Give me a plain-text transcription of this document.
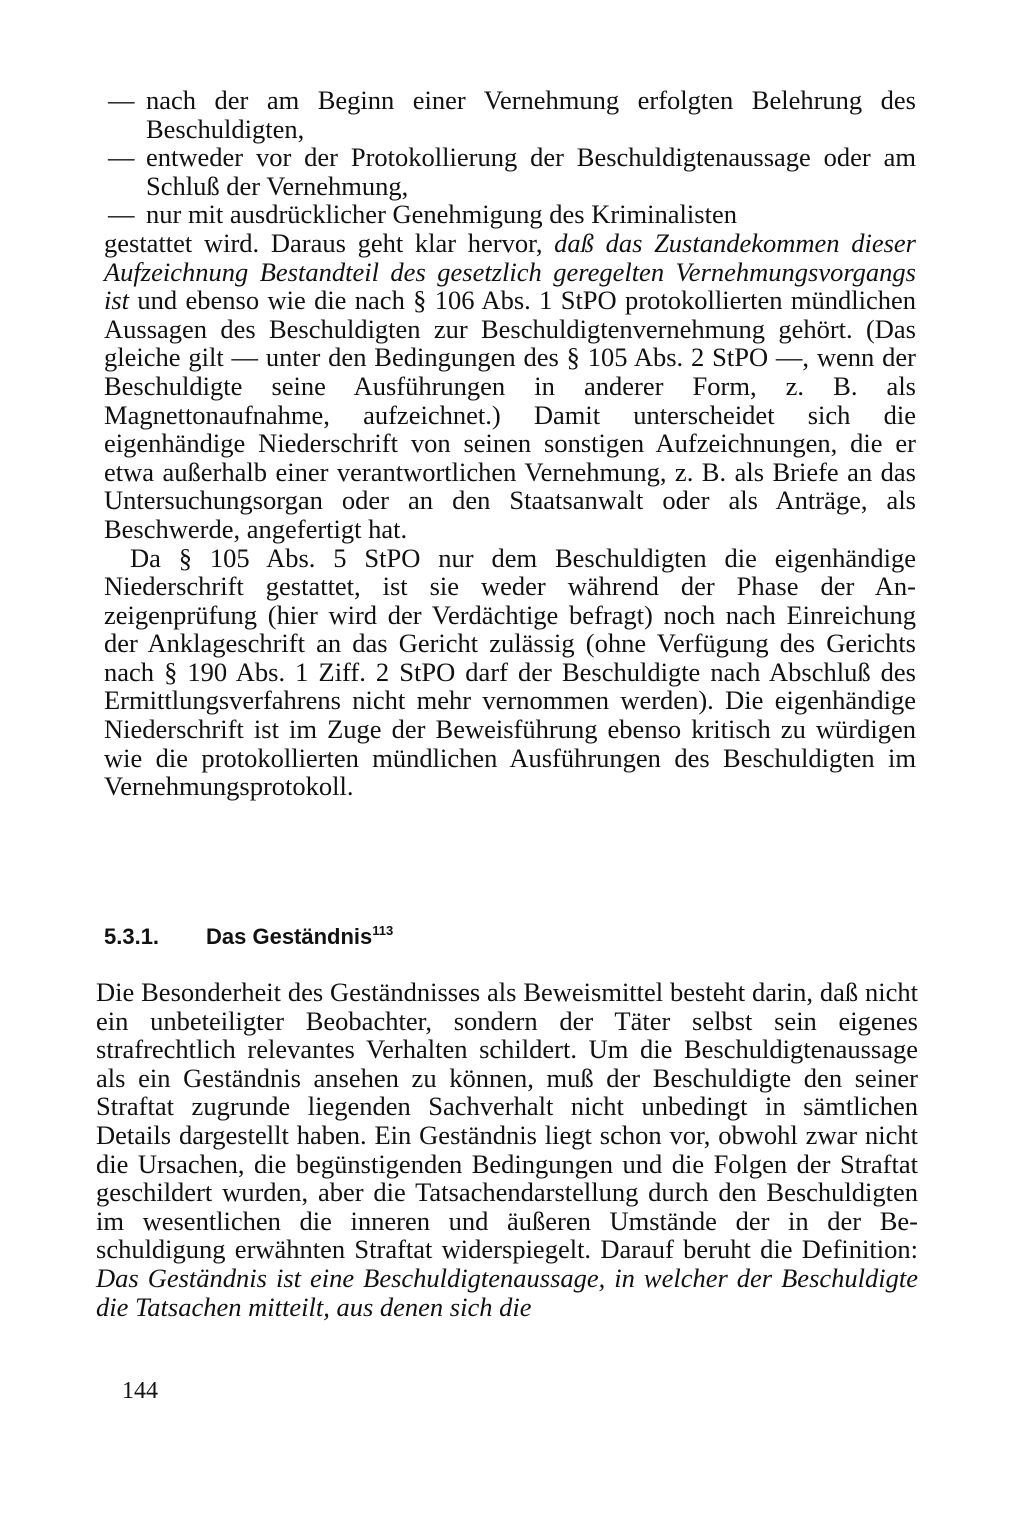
— nach der am Beginn einer Vernehmung erfolgten Belehrung des Beschuldigten,
— entweder vor der Protokollierung der Beschuldigtenaussage oder am Schluß der Vernehmung,
— nur mit ausdrücklicher Genehmigung des Kriminalisten

gestattet wird. Daraus geht klar hervor, daß das Zustandekommen dieser Aufzeichnung Bestandteil des gesetzlich geregelten Vernehmungsvorgangs ist und ebenso wie die nach § 106 Abs. 1 StPO protokollierten mündlichen Aussagen des Beschuldigten zur Beschuldigtenvernehmung gehört. (Das gleiche gilt — unter den Bedingungen des § 105 Abs. 2 StPO —, wenn der Beschuldigte seine Ausführungen in anderer Form, z. B. als Magnettonaufnahme, aufzeichnet.) Damit unterscheidet sich die eigenhändige Niederschrift von seinen sonstigen Aufzeichnungen, die er etwa außerhalb einer verantwortlichen Vernehmung, z. B. als Briefe an das Untersuchungsorgan oder an den Staatsanwalt oder als Anträge, als Beschwerde, angefertigt hat.

Da § 105 Abs. 5 StPO nur dem Beschuldigten die eigenhändige Niederschrift gestattet, ist sie weder während der Phase der Anzeigenprüfung (hier wird der Verdächtige befragt) noch nach Einreichung der Anklageschrift an das Gericht zulässig (ohne Verfügung des Gerichts nach § 190 Abs. 1 Ziff. 2 StPO darf der Beschuldigte nach Abschluß des Ermittlungsverfahrens nicht mehr vernommen werden). Die eigenhändige Niederschrift ist im Zuge der Beweisführung ebenso kritisch zu würdigen wie die protokollierten mündlichen Ausführungen des Beschuldigten im Vernehmungsprotokoll.

5.3.1. Das Geständnis$^{113}$

Die Besonderheit des Geständnisses als Beweismittel besteht darin, daß nicht ein unbeteiligter Beobachter, sondern der Täter selbst sein eigenes strafrechtlich relevantes Verhalten schildert. Um die Beschuldigtenaussage als ein Geständnis ansehen zu können, muß der Beschuldigte den seiner Straftat zugrunde liegenden Sachverhalt nicht unbedingt in sämtlichen Details dargestellt haben. Ein Geständnis liegt schon vor, obwohl zwar nicht die Ursachen, die begünstigenden Bedingungen und die Folgen der Straftat geschildert wurden, aber die Tatsachendarstellung durch den Beschuldigten im wesentlichen die inneren und äußeren Umstände der in der Beschuldigung erwähnten Straftat widerspiegelt. Darauf beruht die Definition: Das Geständnis ist eine Beschuldigtenaussage, in welcher der Beschuldigte die Tatsachen mitteilt, aus denen sich die

144
